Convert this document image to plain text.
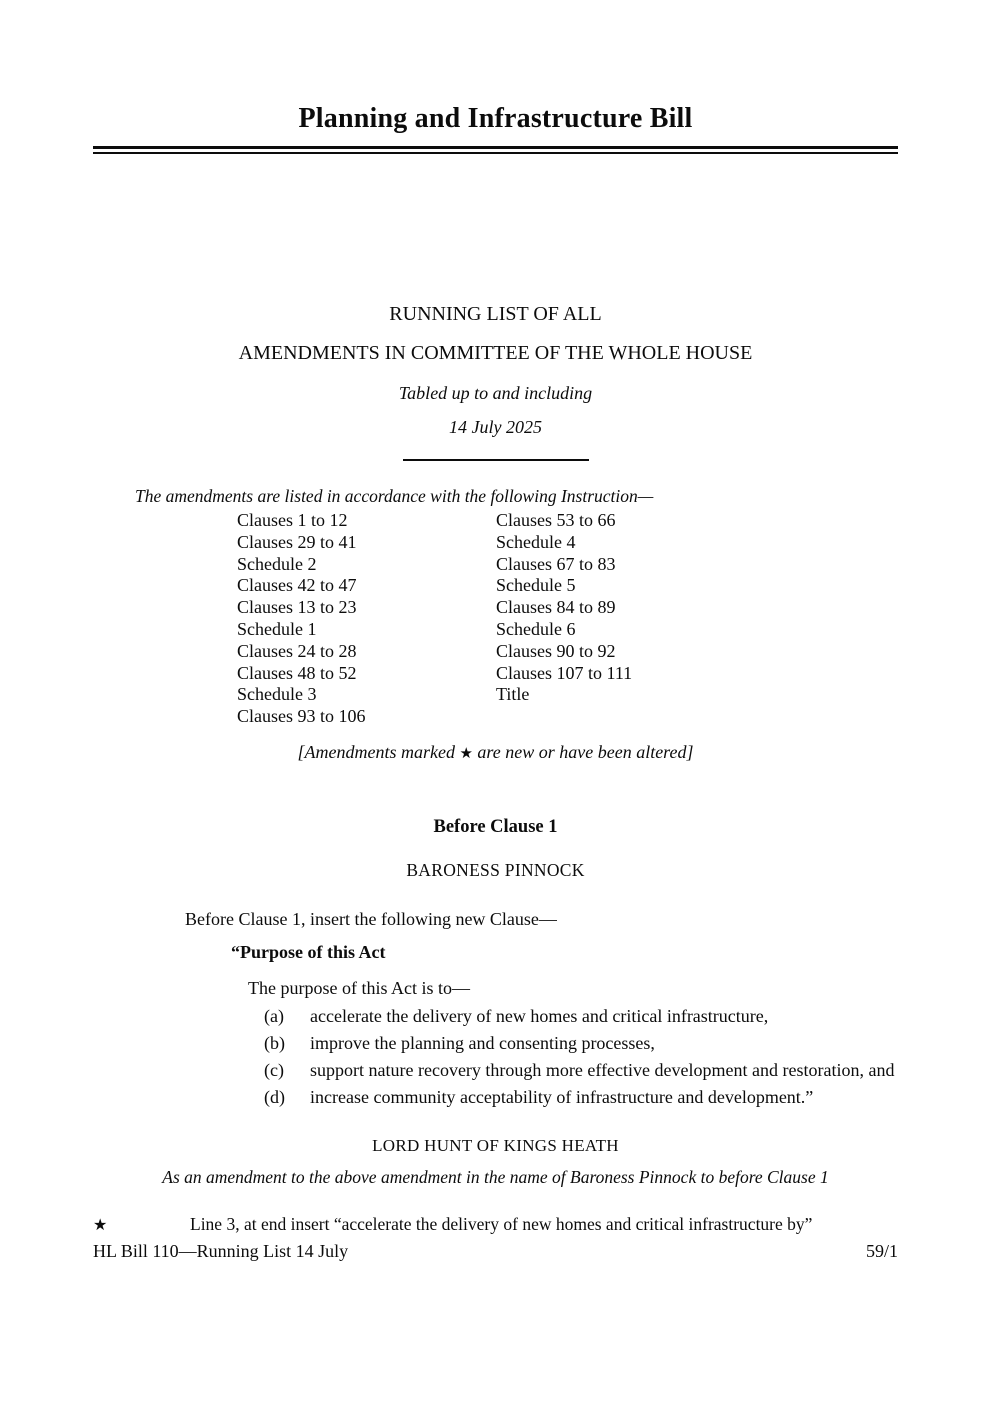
Planning and Infrastructure Bill
RUNNING LIST OF ALL
AMENDMENTS IN COMMITTEE OF THE WHOLE HOUSE
Tabled up to and including
14 July 2025
The amendments are listed in accordance with the following Instruction—
Clauses 1 to 12
Clauses 29 to 41
Schedule 2
Clauses 42 to 47
Clauses 13 to 23
Schedule 1
Clauses 24 to 28
Clauses 48 to 52
Schedule 3
Clauses 93 to 106
Clauses 53 to 66
Schedule 4
Clauses 67 to 83
Schedule 5
Clauses 84 to 89
Schedule 6
Clauses 90 to 92
Clauses 107 to 111
Title
[Amendments marked ★ are new or have been altered]
Before Clause 1
BARONESS PINNOCK
Before Clause 1, insert the following new Clause—
“Purpose of this Act
The purpose of this Act is to—
(a)	accelerate the delivery of new homes and critical infrastructure,
(b)	improve the planning and consenting processes,
(c)	support nature recovery through more effective development and restoration, and
(d)	increase community acceptability of infrastructure and development.”
LORD HUNT OF KINGS HEATH
As an amendment to the above amendment in the name of Baroness Pinnock to before Clause 1
★	Line 3, at end insert “accelerate the delivery of new homes and critical infrastructure by”
HL Bill 110—Running List 14 July	59/1
